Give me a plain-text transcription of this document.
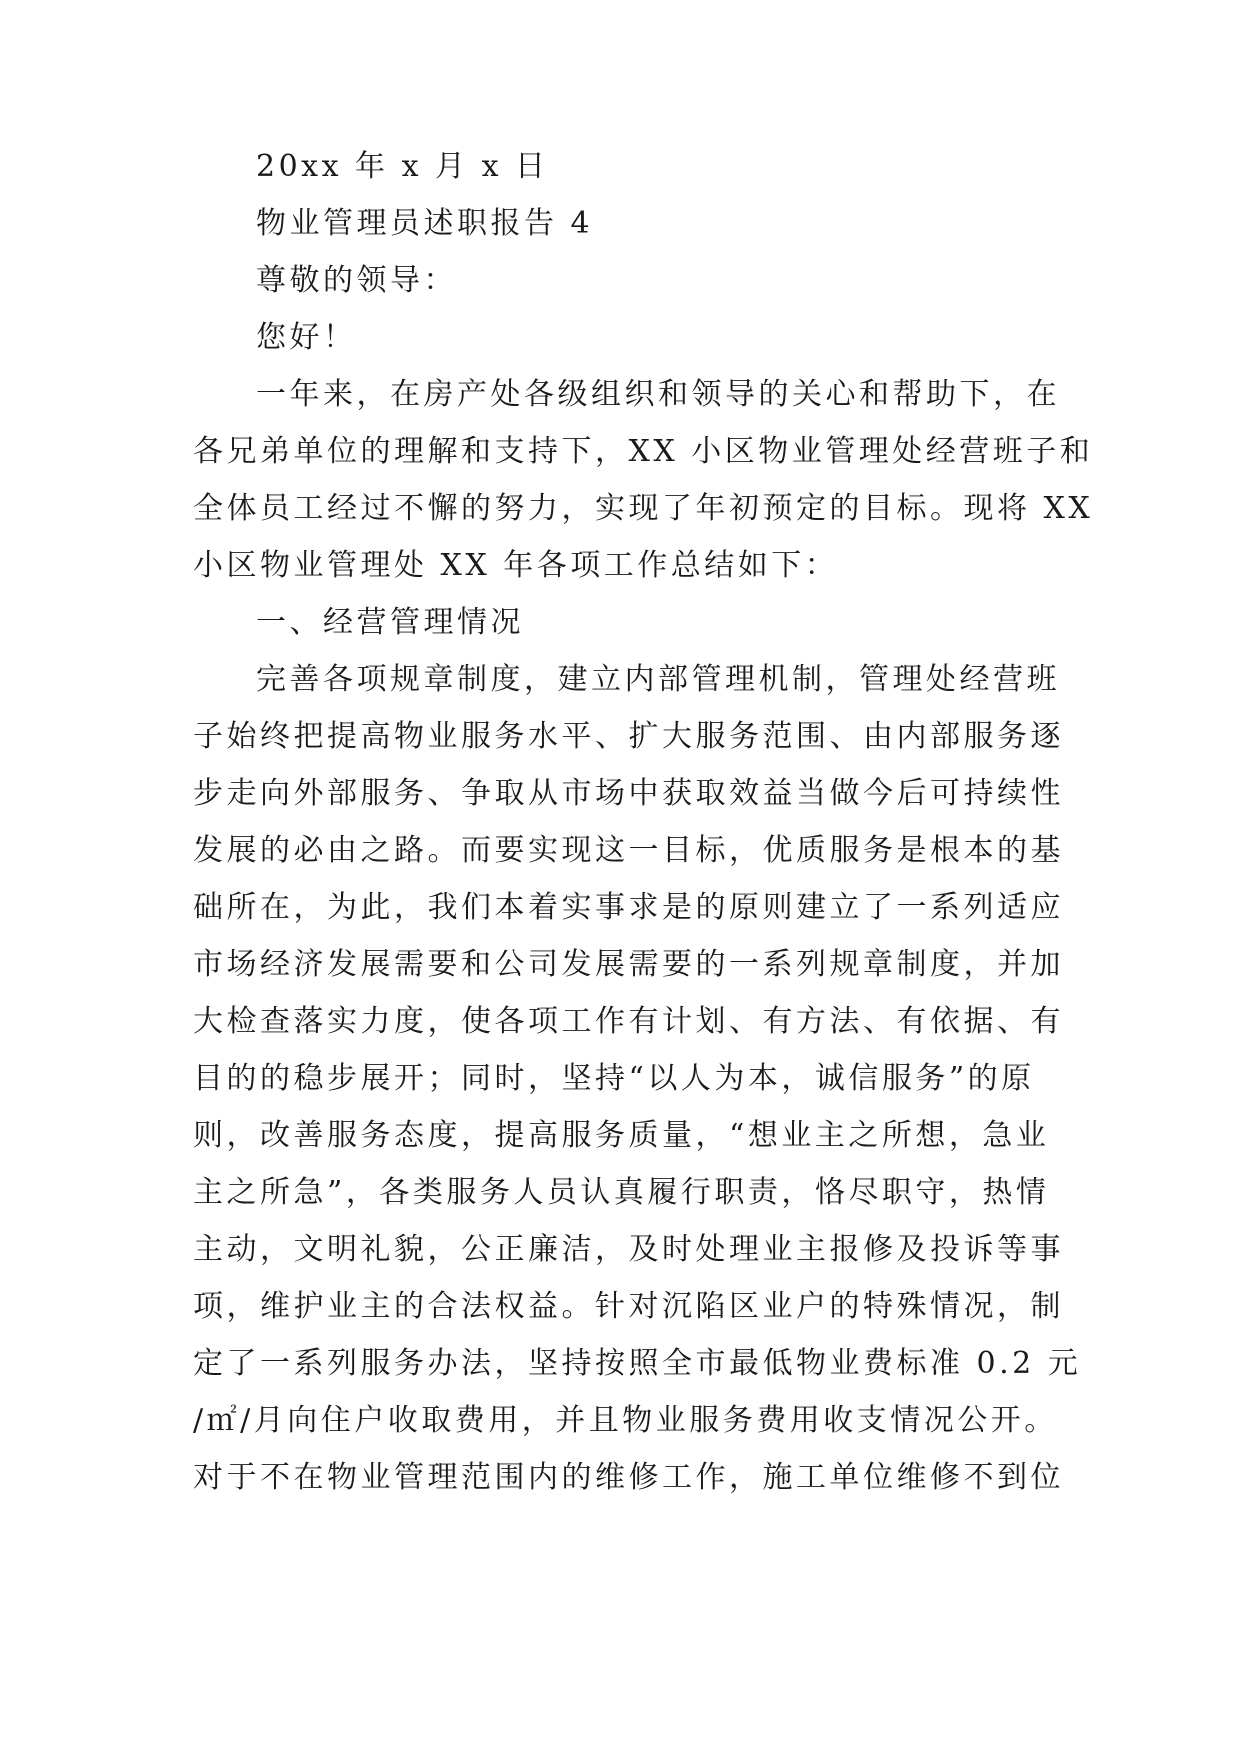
20xx 年 x 月 x 日
物业管理员述职报告 4
尊敬的领导：
您好！
一年来，在房产处各级组织和领导的关心和帮助下，在
各兄弟单位的理解和支持下，XX 小区物业管理处经营班子和
全体员工经过不懈的努力，实现了年初预定的目标。现将 XX
小区物业管理处 XX 年各项工作总结如下：
一、经营管理情况
完善各项规章制度，建立内部管理机制，管理处经营班
子始终把提高物业服务水平、扩大服务范围、由内部服务逐
步走向外部服务、争取从市场中获取效益当做今后可持续性
发展的必由之路。而要实现这一目标，优质服务是根本的基
础所在，为此，我们本着实事求是的原则建立了一系列适应
市场经济发展需要和公司发展需要的一系列规章制度，并加
大检查落实力度，使各项工作有计划、有方法、有依据、有
目的的稳步展开；同时，坚持“以人为本，诚信服务”的原
则，改善服务态度，提高服务质量，“想业主之所想，急业
主之所急”，各类服务人员认真履行职责，恪尽职守，热情
主动，文明礼貌，公正廉洁，及时处理业主报修及投诉等事
项，维护业主的合法权益。针对沉陷区业户的特殊情况，制
定了一系列服务办法，坚持按照全市最低物业费标准 0.2 元
/㎡/月向住户收取费用，并且物业服务费用收支情况公开。
对于不在物业管理范围内的维修工作，施工单位维修不到位
